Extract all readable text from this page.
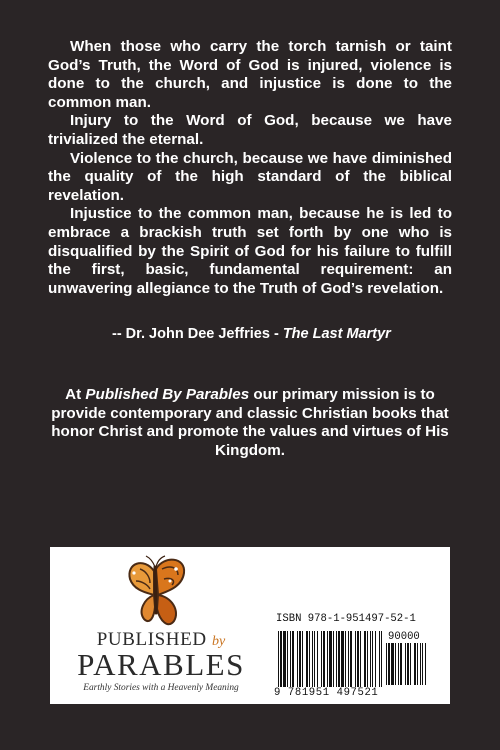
When those who carry the torch tarnish or taint God’s Truth, the Word of God is injured, violence is done to the church, and injustice is done to the common man.

Injury to the Word of God, because we have trivialized the eternal.

Violence to the church, because we have diminished the quality of the high standard of the biblical revelation.

Injustice to the common man, because he is led to embrace a brackish truth set forth by one who is disqualified by the Spirit of God for his failure to fulfill the first, basic, fundamental requirement: an unwavering allegiance to the Truth of God’s revelation.

-- Dr. John Dee Jeffries - The Last Martyr
At Published By Parables our primary mission is to provide contemporary and classic Christian books that honor Christ and promote the values and virtues of His Kingdom.
PUBLISHED by
PARABLES
Earthly Stories with a Heavenly Meaning
ISBN 978-1-951497-52-1
90000
9 781951 497521
